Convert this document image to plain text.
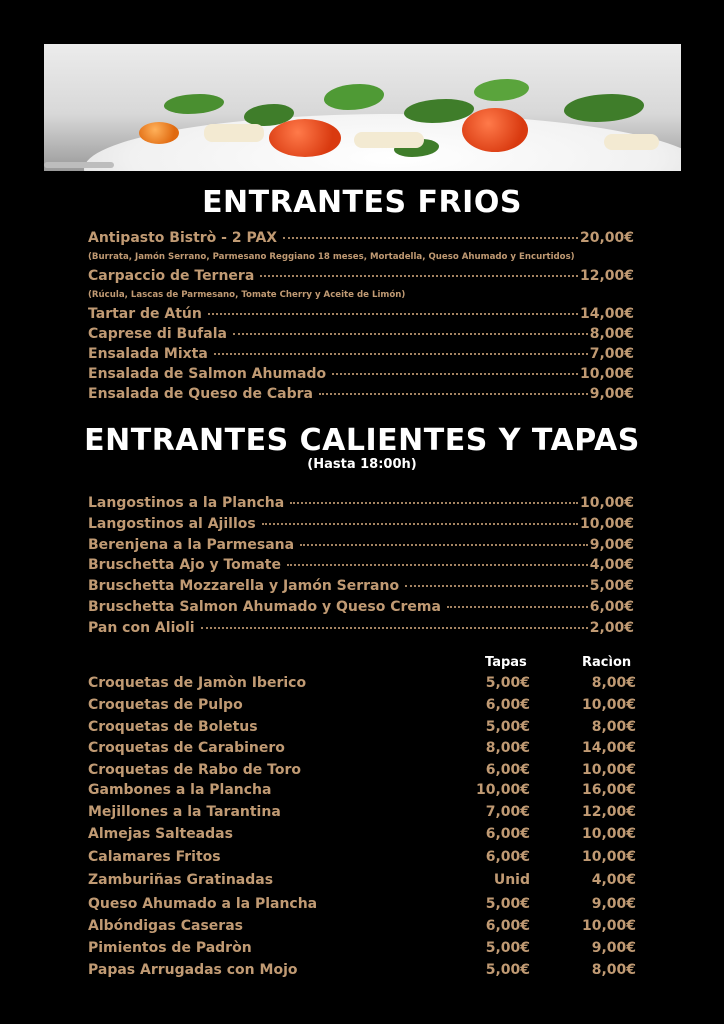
ENTRANTES FRIOS
Antipasto Bistrò - 2 PAX	20,00€
(Burrata, Jamón Serrano, Parmesano Reggiano 18 meses, Mortadella, Queso Ahumado y Encurtidos)
Carpaccio de Ternera	12,00€
(Rúcula, Lascas de Parmesano, Tomate Cherry y Aceite de Limón)
Tartar de Atún	14,00€
Caprese di Bufala	8,00€
Ensalada Mixta	7,00€
Ensalada de Salmon Ahumado	10,00€
Ensalada de Queso de Cabra	9,00€
ENTRANTES CALIENTES Y TAPAS
(Hasta 18:00h)
Langostinos a la Plancha	10,00€
Langostinos al Ajillos	10,00€
Berenjena a la Parmesana	9,00€
Bruschetta Ajo y Tomate	4,00€
Bruschetta Mozzarella y Jamón Serrano	5,00€
Bruschetta Salmon Ahumado y Queso Crema	6,00€
Pan con Alioli	2,00€
Tapas	Racìon
Croquetas de Jamòn Iberico	5,00€	8,00€
Croquetas de Pulpo	6,00€	10,00€
Croquetas de Boletus	5,00€	8,00€
Croquetas de Carabinero	8,00€	14,00€
Croquetas de Rabo de Toro	6,00€	10,00€
Gambones a la Plancha	10,00€	16,00€
Mejillones a la Tarantina	7,00€	12,00€
Almejas Salteadas	6,00€	10,00€
Calamares Fritos	6,00€	10,00€
Zamburiñas Gratinadas	Unid	4,00€
Queso Ahumado a la Plancha	5,00€	9,00€
Albóndigas Caseras	6,00€	10,00€
Pimientos de Padròn	5,00€	9,00€
Papas Arrugadas con Mojo	5,00€	8,00€
